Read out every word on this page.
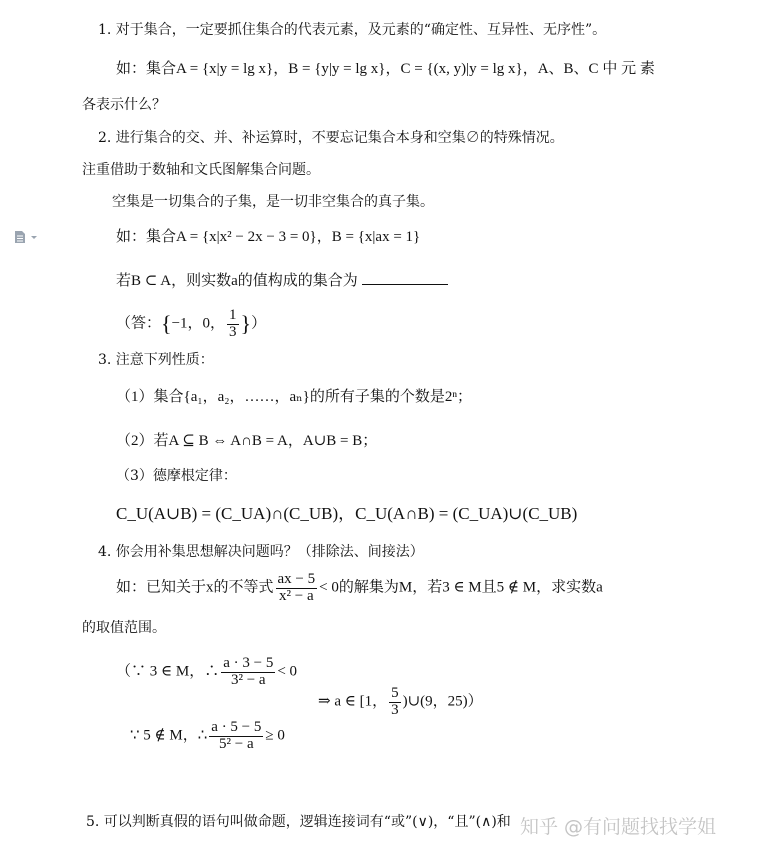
1. 对于集合，一定要抓住集合的代表元素，及元素的“确定性、互异性、无序性”。
如：集合A = {x|y = lg x}，B = {y|y = lg x}，C = {(x, y)|y = lg x}，A、B、C 中 元 素
各表示什么？
2. 进行集合的交、并、补运算时，不要忘记集合本身和空集∅的特殊情况。
注重借助于数轴和文氏图解集合问题。
空集是一切集合的子集，是一切非空集合的真子集。
如：集合A = {x|x² − 2x − 3 = 0}，B = {x|ax = 1}
若B ⊂ A，则实数a的值构成的集合为
（答：{−1，0， $\frac{1}{3}$ }）
3. 注意下列性质：
（1）集合{a₁，a₂，……，aₙ}的所有子集的个数是2ⁿ；
（2）若A ⊆ B ⇔ A∩B = A，A∪B = B；
（3）德摩根定律：
C_U(A∪B) = (C_UA)∩(C_UB)，C_U(A∩B) = (C_UA)∪(C_UB)
4. 你会用补集思想解决问题吗？（排除法、间接法）
如：已知关于x的不等式 $\frac{ax - 5}{\text{x² − a}} < 0$的解集为M，若3 ∈ M且5 ∉ M，求实数a
的取值范围。
（∵ 3 ∈ M，∴ $\frac{a \cdot 3 - 5}{\text{3² − a}} < 0$
∵ 5 ∉ M，∴ $\frac{a \cdot 5 - 5}{\text{5² − a}} \ge 0$
⇒ a ∈ [1， $\frac{5}{3}$ )∪(9，25)）
5. 可以判断真假的语句叫做命题，逻辑连接词有“或”(∨)，“且”(∧)和 知乎 @有问题找找学姐
